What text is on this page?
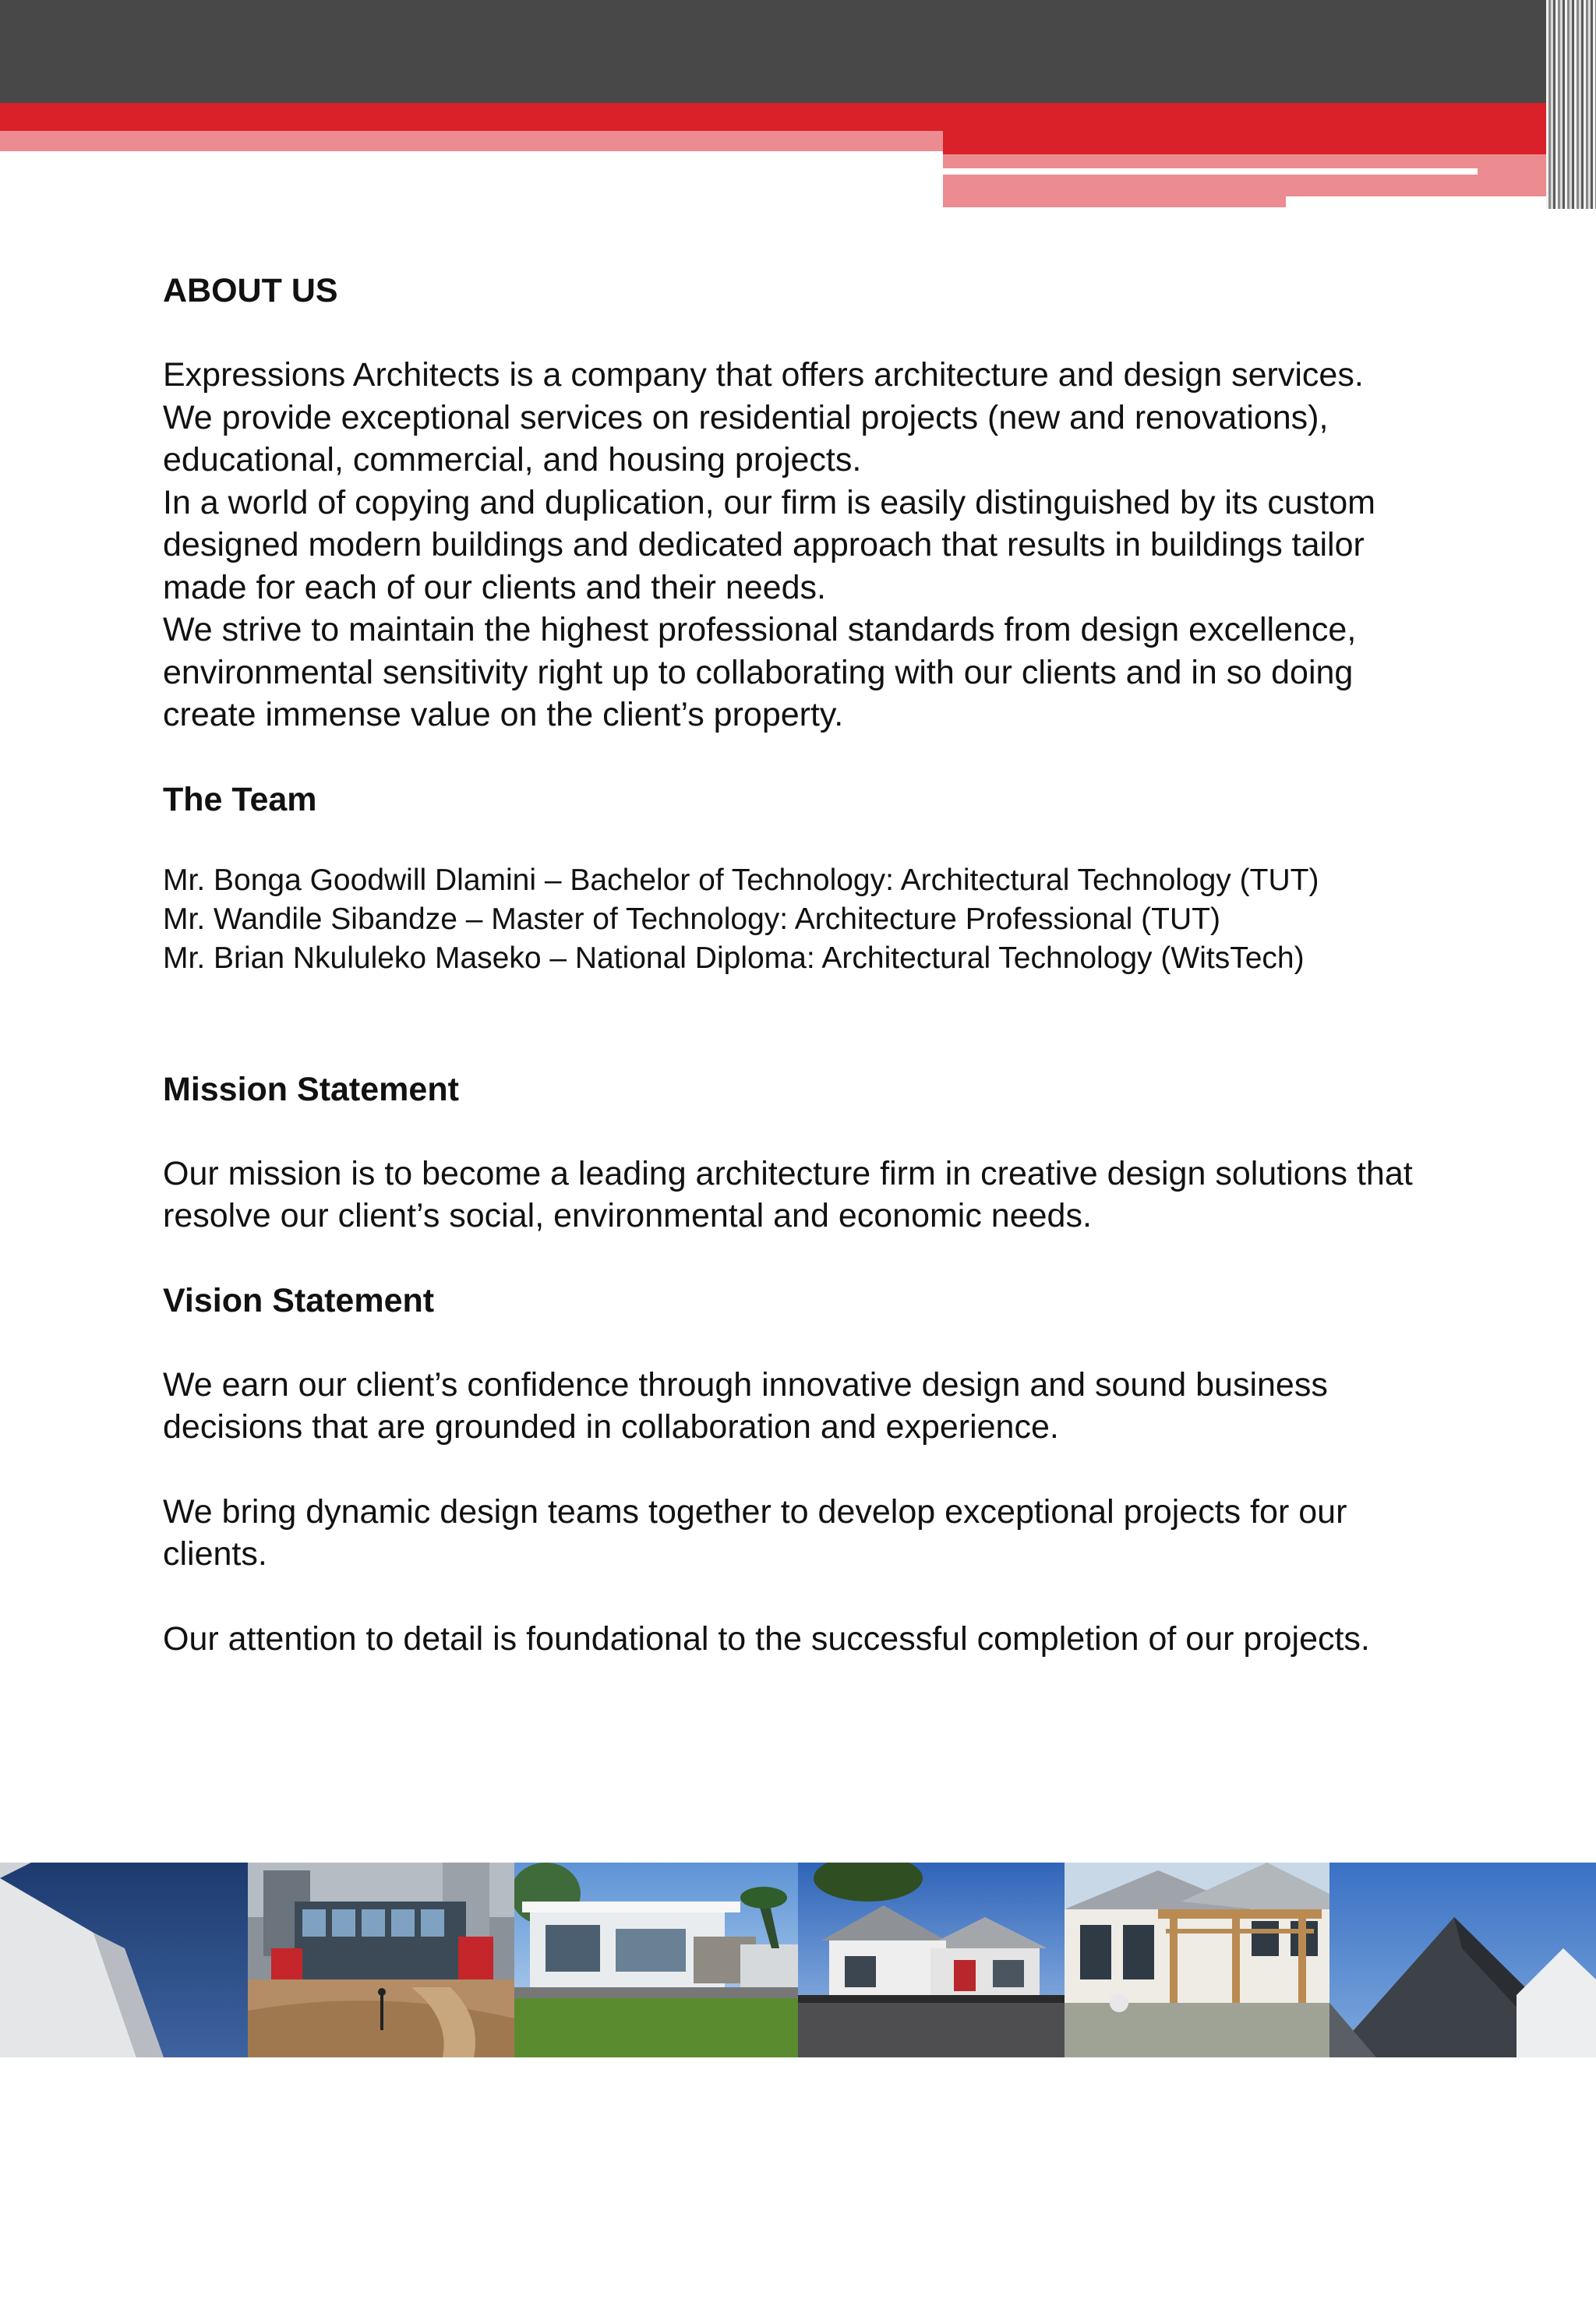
ABOUT US
Expressions Architects is a company that offers architecture and design services.
We provide exceptional services on residential projects (new and renovations),
educational, commercial, and housing projects.
In a world of copying and duplication, our firm is easily distinguished by its custom
designed modern buildings and dedicated approach that results in buildings tailor
made for each of our clients and their needs.
We strive to maintain the highest professional standards from design excellence,
environmental sensitivity right up to collaborating with our clients and in so doing
create immense value on the client’s property.
The Team
Mr. Bonga Goodwill Dlamini – Bachelor of Technology: Architectural Technology (TUT)
Mr. Wandile Sibandze – Master of Technology: Architecture Professional (TUT)
Mr. Brian Nkululeko Maseko – National Diploma: Architectural Technology (WitsTech)
Mission Statement
Our mission is to become a leading architecture firm in creative design solutions that
resolve our client’s social, environmental and economic needs.
Vision Statement
We earn our client’s confidence through innovative design and sound business
decisions that are grounded in collaboration and experience.
We bring dynamic design teams together to develop exceptional projects for our
clients.
Our attention to detail is foundational to the successful completion of our projects.
